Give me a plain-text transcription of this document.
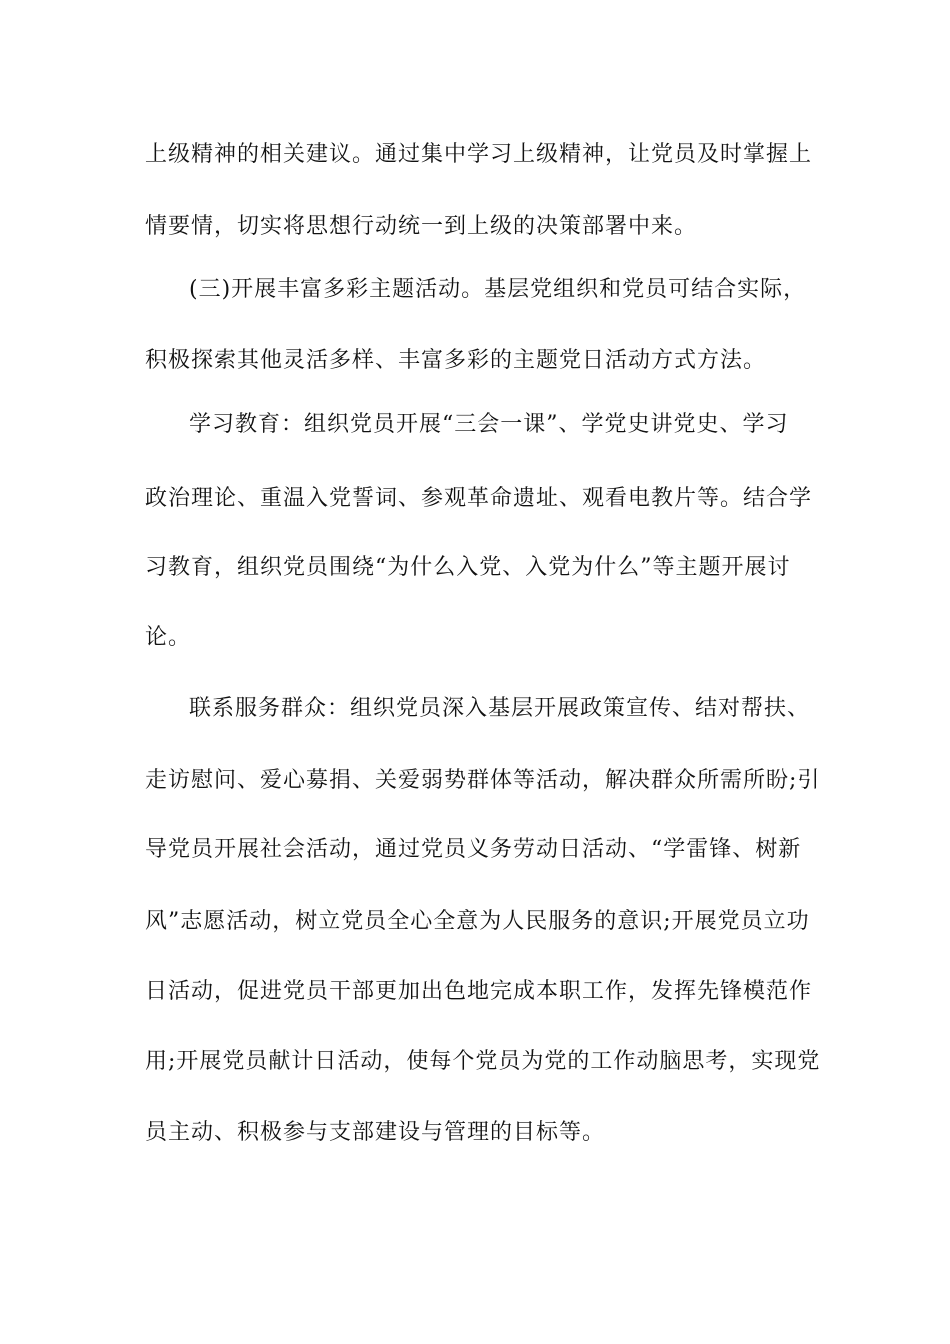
上级精神的相关建议。通过集中学习上级精神，让党员及时掌握上
情要情，切实将思想行动统一到上级的决策部署中来。
(三)开展丰富多彩主题活动。基层党组织和党员可结合实际，
积极探索其他灵活多样、丰富多彩的主题党日活动方式方法。
学习教育：组织党员开展“三会一课”、学党史讲党史、学习
政治理论、重温入党誓词、参观革命遗址、观看电教片等。结合学
习教育，组织党员围绕“为什么入党、入党为什么”等主题开展讨
论。
联系服务群众：组织党员深入基层开展政策宣传、结对帮扶、
走访慰问、爱心募捐、关爱弱势群体等活动，解决群众所需所盼;引
导党员开展社会活动，通过党员义务劳动日活动、“学雷锋、树新
风”志愿活动，树立党员全心全意为人民服务的意识;开展党员立功
日活动，促进党员干部更加出色地完成本职工作，发挥先锋模范作
用;开展党员献计日活动，使每个党员为党的工作动脑思考，实现党
员主动、积极参与支部建设与管理的目标等。
